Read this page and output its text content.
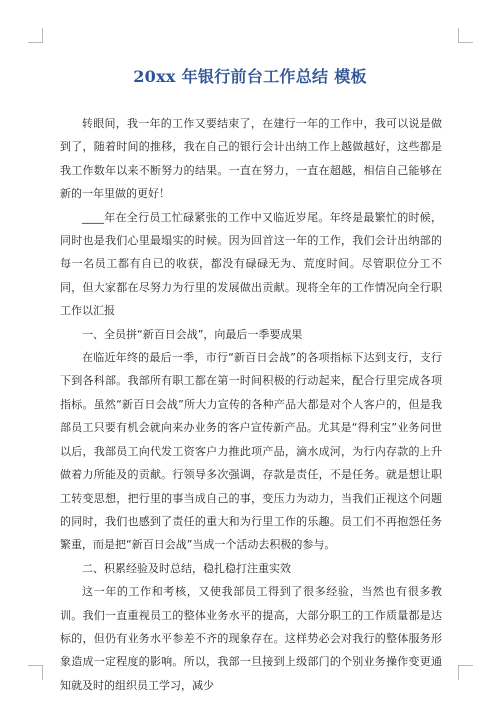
20xx 年银行前台工作总结 模板

转眼间，我一年的工作又要结束了，在建行一年的工作中，我可以说是做到了，随着时间的推移，我在自己的银行会计出纳工作上越做越好，这些都是我工作数年以来不断努力的结果。一直在努力，一直在超越，相信自己能够在新的一年里做的更好！

____年在全行员工忙碌紧张的工作中又临近岁尾。年终是最繁忙的时候，同时也是我们心里最塌实的时候。因为回首这一年的工作，我们会计出纳部的每一名员工都有自已的收获，都没有碌碌无为、荒度时间。尽管职位分工不同，但大家都在尽努力为行里的发展做出贡献。现将全年的工作情况向全行职工作以汇报

一、全员拼“新百日会战”，向最后一季要成果

在临近年终的最后一季，市行“新百日会战”的各项指标下达到支行，支行下到各科部。我部所有职工都在第一时间积极的行动起来，配合行里完成各项指标。虽然“新百日会战”所大力宣传的各种产品大都是对个人客户的，但是我部员工只要有机会就向来办业务的客户宣传新产品。尤其是“得利宝”业务问世以后，我部员工向代发工资客户力推此项产品，滴水成河，为行内存款的上升做着力所能及的贡献。行领导多次强调，存款是责任，不是任务。就是想让职工转变思想，把行里的事当成自己的事，变压力为动力，当我们正视这个问题的同时，我们也感到了责任的重大和为行里工作的乐趣。员工们不再抱怨任务繁重，而是把“新百日会战”当成一个活动去积极的参与。

二、积累经验及时总结，稳扎稳打注重实效

这一年的工作和考核，又使我部员工得到了很多经验，当然也有很多教训。我们一直重视员工的整体业务水平的提高，大部分职工的工作质量都是达标的，但仍有业务水平参差不齐的现象存在。这样势必会对我行的整体服务形象造成一定程度的影响。所以，我部一旦接到上级部门的个别业务操作变更通知就及时的组织员工学习，减少
